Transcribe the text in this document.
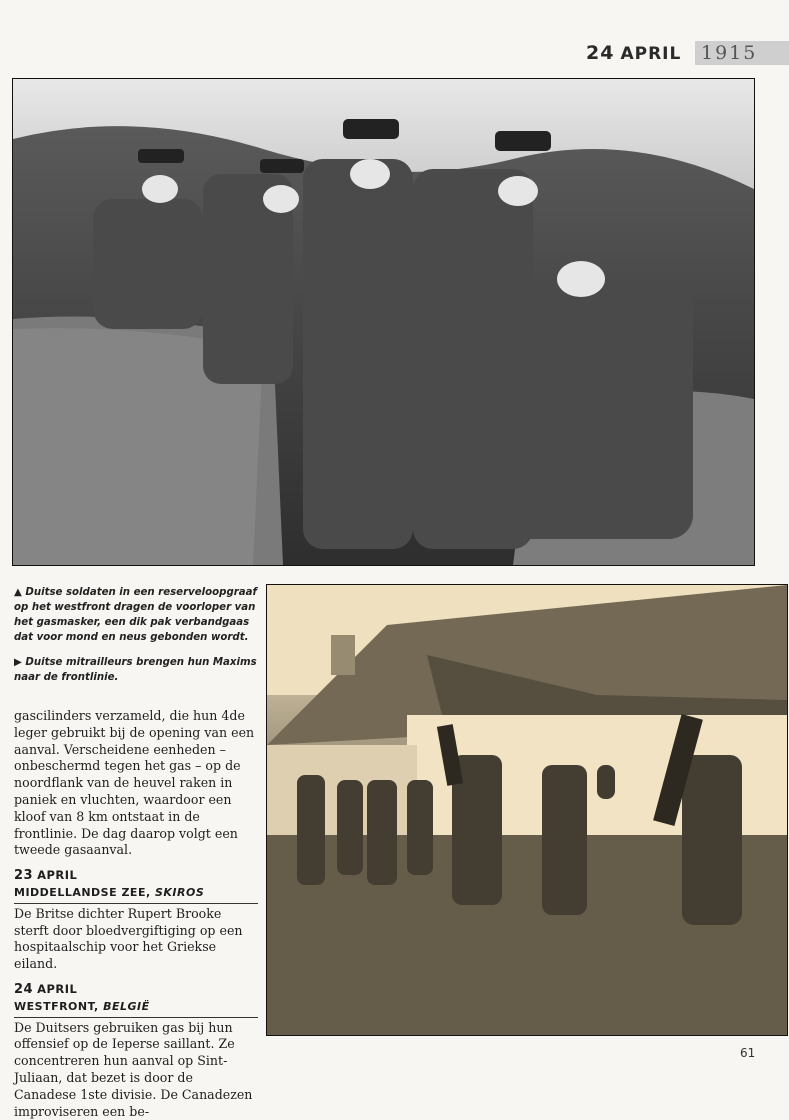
24 APRIL	1915

▲ Duitse soldaten in een reserveloopgraaf op het westfront dragen de voorloper van het gasmasker, een dik pak verbandgaas dat voor mond en neus gebonden wordt.

▶ Duitse mitrailleurs brengen hun Maxims naar de frontlinie.

gascilinders verzameld, die hun 4de leger gebruikt bij de opening van een aanval. Verscheidene eenheden – onbeschermd tegen het gas – op de noordflank van de heuvel raken in paniek en vluchten, waardoor een kloof van 8 km ontstaat in de frontlinie. De dag daarop volgt een tweede gasaanval.

23 APRIL
MIDDELLANDSE ZEE, SKIROS

De Britse dichter Rupert Brooke sterft door bloedvergiftiging op een hospitaalschip voor het Griekse eiland.

24 APRIL
WESTFRONT, BELGIË

De Duitsers gebruiken gas bij hun offensief op de Ieperse saillant. Ze concentreren hun aanval op Sint-Juliaan, dat bezet is door de Canadese 1ste divisie. De Canadezen improviseren een be-

61
